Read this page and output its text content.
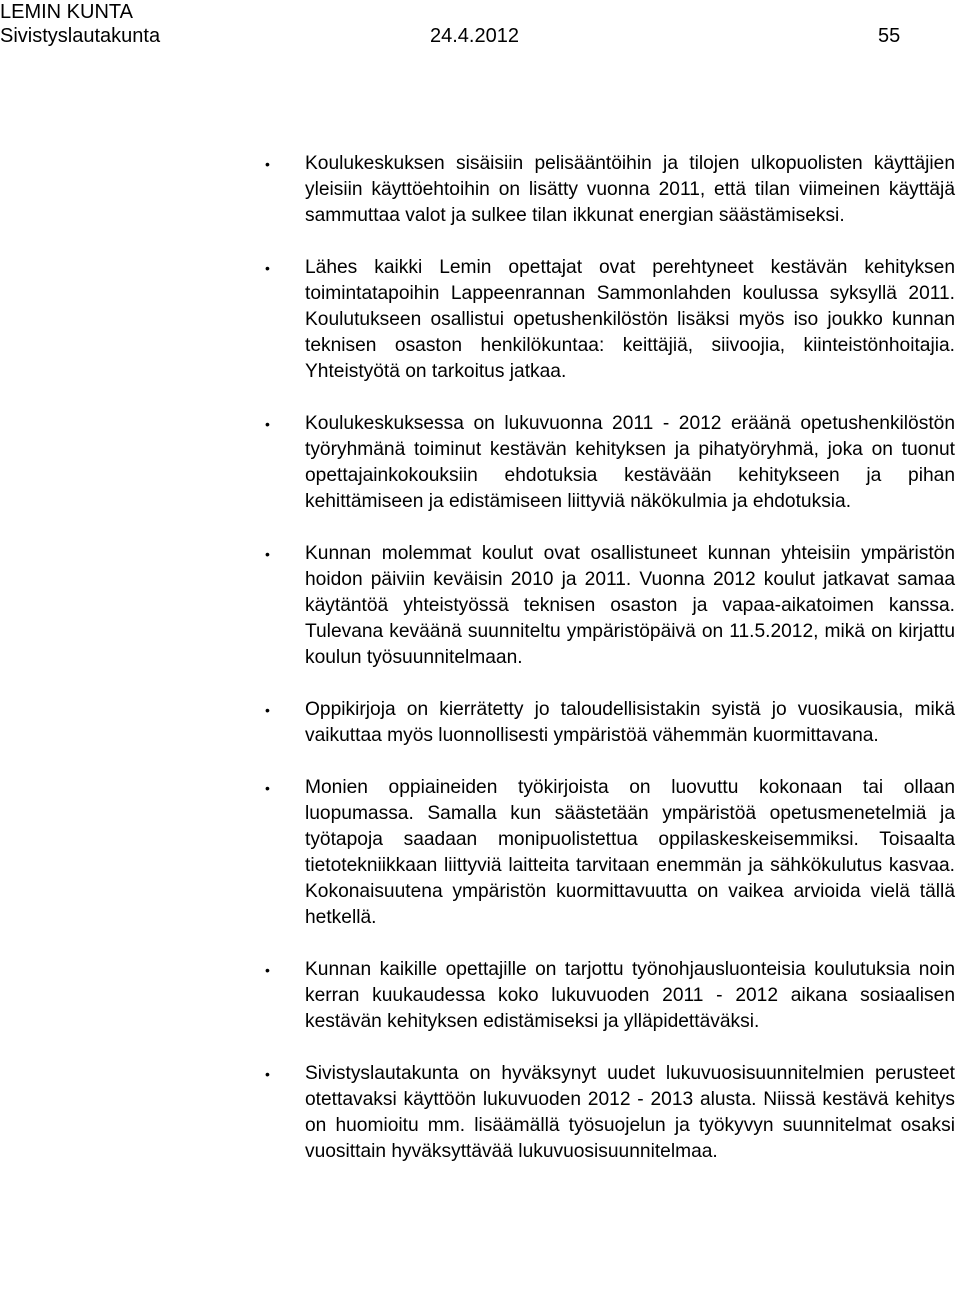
LEMIN KUNTA
Sivistyslautakunta	24.4.2012	55
• Koulukeskuksen sisäisiin pelisääntöihin ja tilojen ulkopuolisten käyttäjien yleisiin käyttöehtoihin on lisätty vuonna 2011, että tilan viimeinen käyttäjä sammuttaa valot ja sulkee tilan ikkunat energian säästämiseksi.
• Lähes kaikki Lemin opettajat ovat perehtyneet kestävän kehityksen toimintatapoihin Lappeenrannan Sammonlahden koulussa syksyllä 2011. Koulutukseen osallistui opetushenkilöstön lisäksi myös iso joukko kunnan teknisen osaston henkilökuntaa: keittäjiä, siivoojia, kiinteistönhoitajia. Yhteistyötä on tarkoitus jatkaa.
• Koulukeskuksessa on lukuvuonna 2011 - 2012 eräänä opetushenkilöstön työryhmänä toiminut kestävän kehityksen ja pihatyöryhmä, joka on tuonut opettajainkokouksiin ehdotuksia kestävään kehitykseen ja pihan kehittämiseen ja edistämiseen liittyviä näkökulmia ja ehdotuksia.
• Kunnan molemmat koulut ovat osallistuneet kunnan yhteisiin ympäristön hoidon päiviin keväisin 2010 ja 2011. Vuonna 2012 koulut jatkavat samaa käytäntöä yhteistyössä teknisen osaston ja vapaa-aikatoimen kanssa. Tulevana keväänä suunniteltu ympäristöpäivä on 11.5.2012, mikä on kirjattu koulun työsuunnitelmaan.
• Oppikirjoja on kierrätetty jo taloudellisistakin syistä jo vuosikausia, mikä vaikuttaa myös luonnollisesti ympäristöä vähemmän kuormittavana.
• Monien oppiaineiden työkirjoista on luovuttu kokonaan tai ollaan luopumassa. Samalla kun säästetään ympäristöä opetusmenetelmiä ja työtapoja saadaan monipuolistettua oppilaskeskeisemmiksi. Toisaalta tietotekniikkaan liittyviä laitteita tarvitaan enemmän ja sähkökulutus kasvaa. Kokonaisuutena ympäristön kuormittavuutta on vaikea arvioida vielä tällä hetkellä.
• Kunnan kaikille opettajille on tarjottu työnohjausluonteisia koulutuksia noin kerran kuukaudessa koko lukuvuoden 2011 - 2012 aikana sosiaalisen kestävän kehityksen edistämiseksi ja ylläpidettäväksi.
• Sivistyslautakunta on hyväksynyt uudet lukuvuosisuunnitelmien perusteet otettavaksi käyttöön lukuvuoden 2012 - 2013 alusta. Niissä kestävä kehitys on huomioitu mm. lisäämällä työsuojelun ja työkyvyn suunnitelmat osaksi vuosittain hyväksyttävää lukuvuosisuunnitelmaa.
